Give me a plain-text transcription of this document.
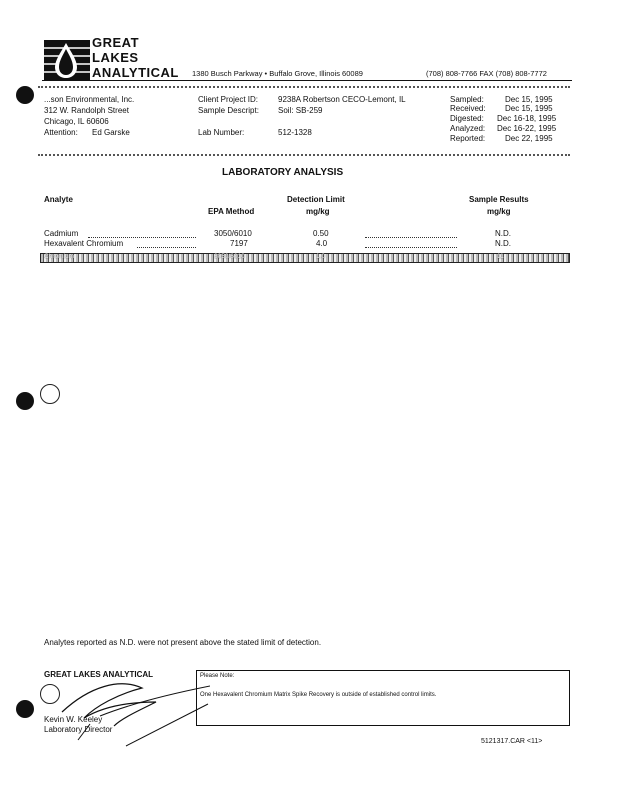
GREAT
LAKES
ANALYTICAL 1380 Busch Parkway • Buffalo Grove, Illinois 60089	(708) 808-7766 FAX (708) 808-7772
...son Environmental, Inc.
312 W. Randolph Street
Chicago, IL 60606
Attention: Ed Garske
Client Project ID: 9238A Robertson CECO-Lemont, IL
Sample Descript: Soil: SB-259
Lab Number:	512-1328
Sampled:	Dec 15, 1995
Received: Dec 15, 1995
Digested: Dec 16-18, 1995
Analyzed: Dec 16-22, 1995
Reported: Dec 22, 1995
LABORATORY ANALYSIS
Analyte
EPA Method
Detection Limit
mg/kg
Sample Results
mg/kg
Cadmium	3050/6010	0.50	N.D.
Hexavalent Chromium	7197	4.0	N.D.
Chromium	3050/6010	1.0	11
Analytes reported as N.D. were not present above the stated limit of detection.
GREAT LAKES ANALYTICAL
Kevin W. Keeley
Laboratory Director
Please Note:
One Hexavalent Chromium Matrix Spike Recovery is outside of established control limits.
5121317.CAR <11>
